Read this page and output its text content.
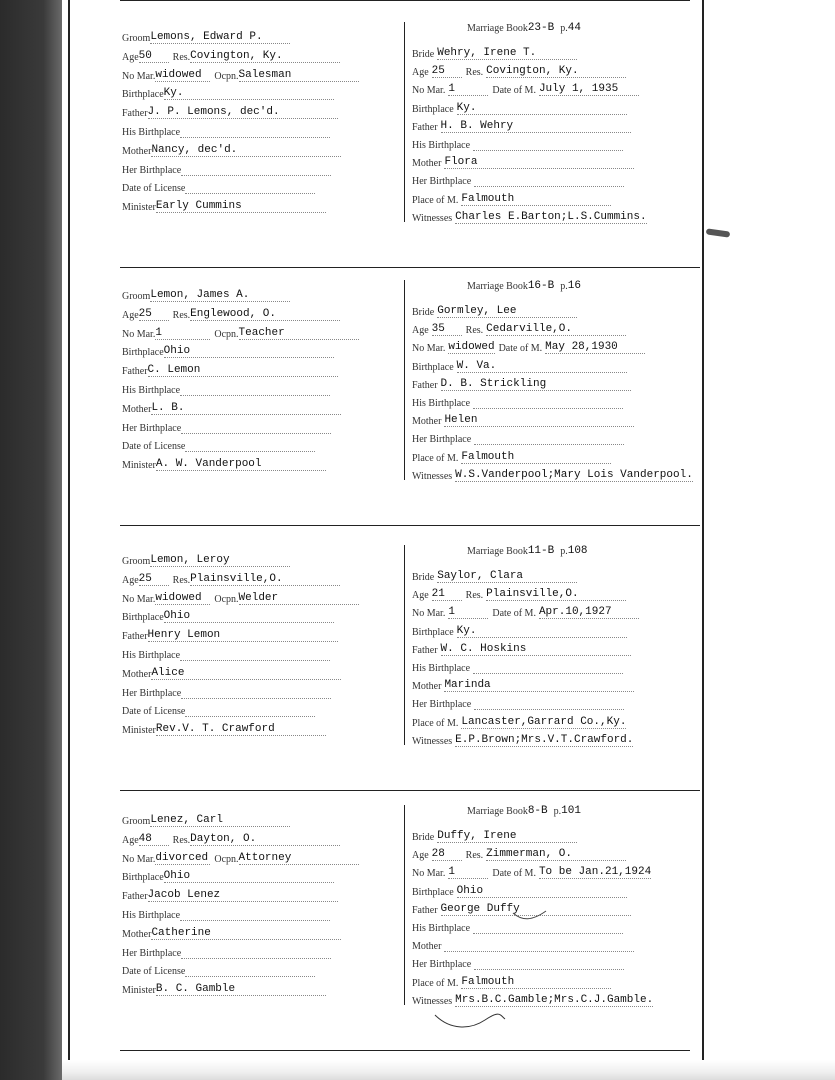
GroomLemons, Edward P.
Age50 Res.Covington, Ky.
No Mar.widowed Ocpn.Salesman
BirthplaceKy.
FatherJ. P. Lemons, dec'd.
His Birthplace
MotherNancy, dec'd.
Her Birthplace
Date of License
MinisterEarly Cummins
Marriage Book23-B p.44
Bride Wehry, Irene T.
Age 25 Res. Covington, Ky.
No Mar. 1	Date of M. July 1, 1935
Birthplace Ky.
Father H. B. Wehry
His Birthplace
Mother Flora
Her Birthplace
Place of M. Falmouth
Witnesses Charles E.Barton;L.S.Cummins.
GroomLemon, James A.
Age25 Res.Englewood, O.
No Mar.1	Ocpn.Teacher
BirthplaceOhio
FatherC. Lemon
His Birthplace
MotherL. B.
Her Birthplace
Date of License
MinisterA. W. Vanderpool
Marriage Book16-B p.16
Bride Gormley, Lee
Age 35 Res. Cedarville,O.
No Mar. widowed Date of M. May 28,1930
Birthplace W. Va.
Father D. B. Strickling
His Birthplace
Mother Helen
Her Birthplace
Place of M. Falmouth
Witnesses W.S.Vanderpool;Mary Lois Vanderpool.
GroomLemon, Leroy
Age25 Res.Plainsville,O.
No Mar.widowed Ocpn.Welder
BirthplaceOhio
FatherHenry Lemon
His Birthplace
MotherAlice
Her Birthplace
Date of License
MinisterRev.V. T. Crawford
Marriage Book11-B p.108
Bride Saylor, Clara
Age 21 Res. Plainsville,O.
No Mar. 1	Date of M. Apr.10,1927
Birthplace Ky.
Father W. C. Hoskins
His Birthplace
Mother Marinda
Her Birthplace
Place of M. Lancaster,Garrard Co.,Ky.
Witnesses E.P.Brown;Mrs.V.T.Crawford.
GroomLenez, Carl
Age48 Res.Dayton, O.
No Mar.divorced Ocpn.Attorney
BirthplaceOhio
FatherJacob Lenez
His Birthplace
MotherCatherine
Her Birthplace
Date of License
MinisterB. C. Gamble
Marriage Book8-B p.101
Bride Duffy, Irene
Age 28 Res. Zimmerman, O.
No Mar. 1	Date of M. To be Jan.21,1924
Birthplace Ohio
Father George Duffy
His Birthplace
Mother
Her Birthplace
Place of M. Falmouth
Witnesses Mrs.B.C.Gamble;Mrs.C.J.Gamble.
